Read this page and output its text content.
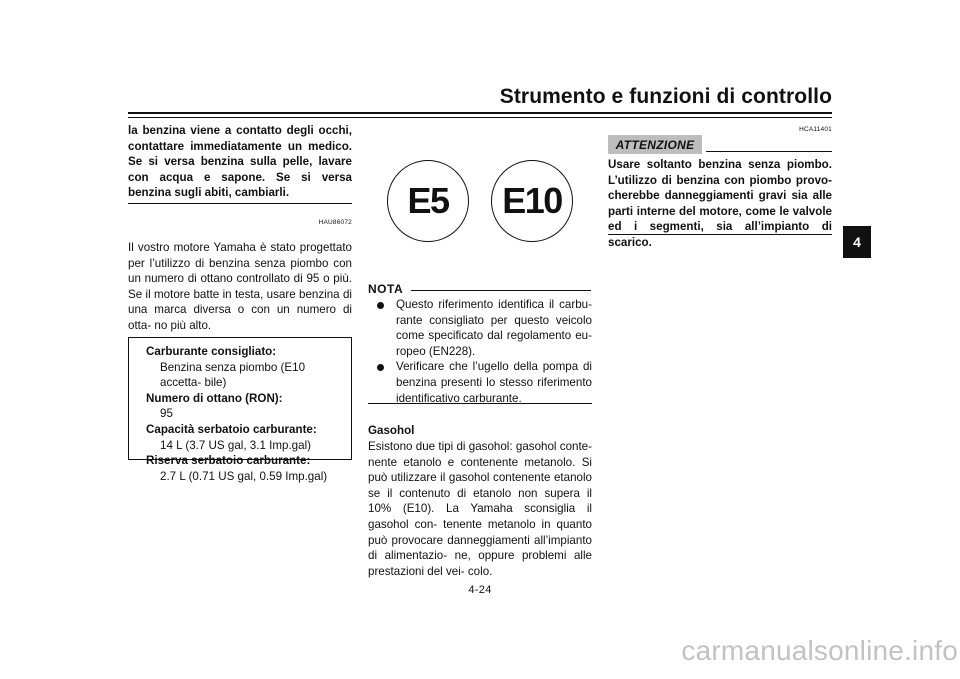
Strumento e funzioni di controllo
4
la benzina viene a contatto degli occhi, contattare immediatamente un medico. Se si versa benzina sulla pelle, lavare con acqua e sapone. Se si versa benzina sugli abiti, cambiarli.
HAU86072
Il vostro motore Yamaha è stato progettato per l’utilizzo di benzina senza piombo con un numero di ottano controllato di 95 o più. Se il motore batte in testa, usare benzina di una marca diversa o con un numero di otta- no più alto.
Carburante consigliato:
Benzina senza piombo (E10 accetta- bile)
Numero di ottano (RON):
95
Capacità serbatoio carburante:
14 L (3.7 US gal, 3.1 Imp.gal)
Riserva serbatoio carburante:
2.7 L (0.71 US gal, 0.59 Imp.gal)
E5 E10
NOTA
Questo riferimento identifica il carbu- rante consigliato per questo veicolo come specificato dal regolamento eu- ropeo (EN228).
Verificare che l’ugello della pompa di benzina presenti lo stesso riferimento identificativo carburante.
Gasohol
Esistono due tipi di gasohol: gasohol conte- nente etanolo e contenente metanolo. Si può utilizzare il gasohol contenente etanolo se il contenuto di etanolo non supera il 10% (E10). La Yamaha sconsiglia il gasohol con- tenente metanolo in quanto può provocare danneggiamenti all’impianto di alimentazio- ne, oppure problemi alle prestazioni del vei- colo.
HCA11401
ATTENZIONE
Usare soltanto benzina senza piombo. L’utilizzo di benzina con piombo provo- cherebbe danneggiamenti gravi sia alle parti interne del motore, come le valvole ed i segmenti, sia all’impianto di scarico.
4-24
carmanualsonline.info
